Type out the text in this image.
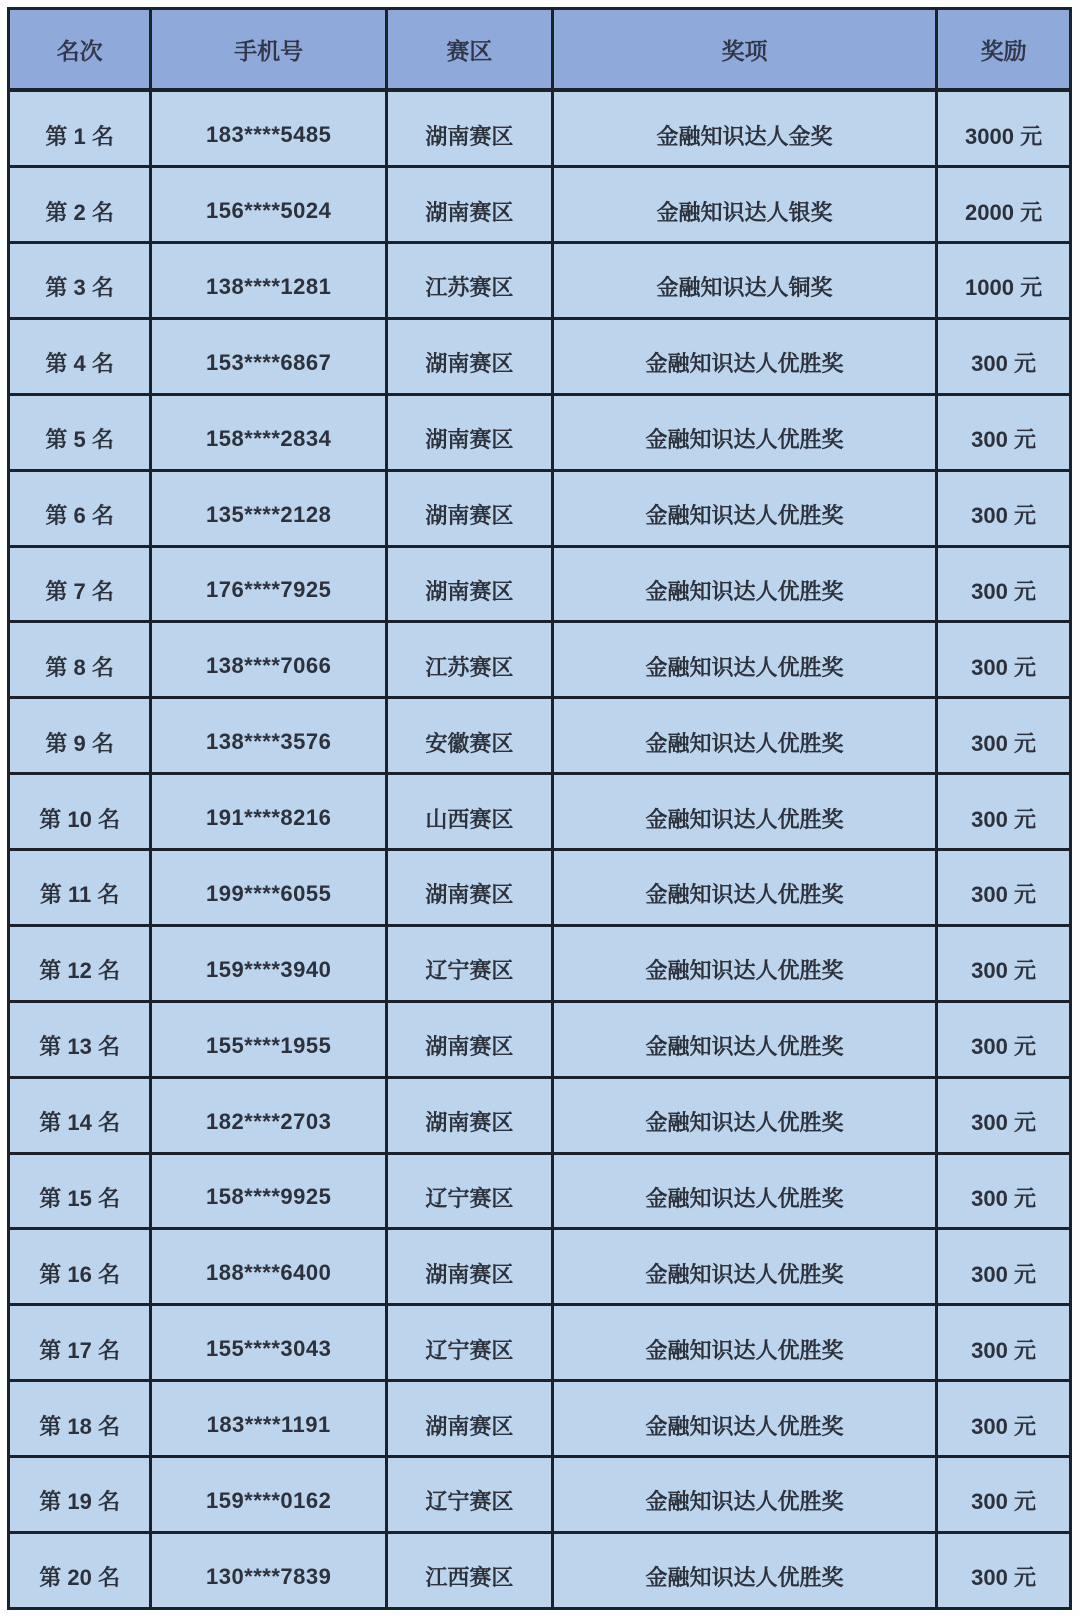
名次	手机号	赛区	奖项	奖励
第 1 名	183****5485	湖南赛区	金融知识达人金奖	3000 元
第 2 名	156****5024	湖南赛区	金融知识达人银奖	2000 元
第 3 名	138****1281	江苏赛区	金融知识达人铜奖	1000 元
第 4 名	153****6867	湖南赛区	金融知识达人优胜奖	300 元
第 5 名	158****2834	湖南赛区	金融知识达人优胜奖	300 元
第 6 名	135****2128	湖南赛区	金融知识达人优胜奖	300 元
第 7 名	176****7925	湖南赛区	金融知识达人优胜奖	300 元
第 8 名	138****7066	江苏赛区	金融知识达人优胜奖	300 元
第 9 名	138****3576	安徽赛区	金融知识达人优胜奖	300 元
第 10 名	191****8216	山西赛区	金融知识达人优胜奖	300 元
第 11 名	199****6055	湖南赛区	金融知识达人优胜奖	300 元
第 12 名	159****3940	辽宁赛区	金融知识达人优胜奖	300 元
第 13 名	155****1955	湖南赛区	金融知识达人优胜奖	300 元
第 14 名	182****2703	湖南赛区	金融知识达人优胜奖	300 元
第 15 名	158****9925	辽宁赛区	金融知识达人优胜奖	300 元
第 16 名	188****6400	湖南赛区	金融知识达人优胜奖	300 元
第 17 名	155****3043	辽宁赛区	金融知识达人优胜奖	300 元
第 18 名	183****1191	湖南赛区	金融知识达人优胜奖	300 元
第 19 名	159****0162	辽宁赛区	金融知识达人优胜奖	300 元
第 20 名	130****7839	江西赛区	金融知识达人优胜奖	300 元
